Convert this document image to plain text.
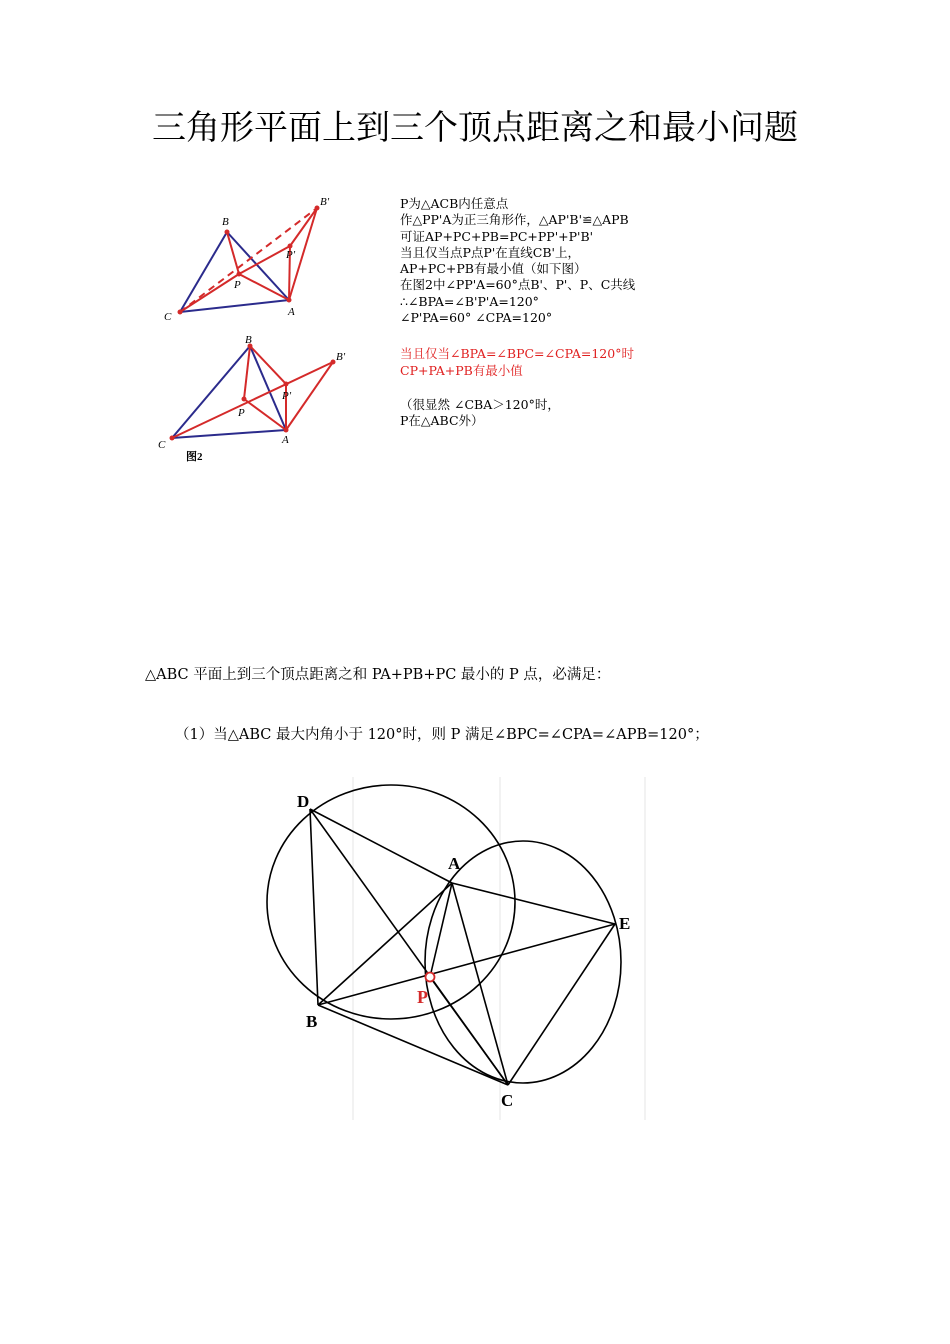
三角形平面上到三个顶点距离之和最小问题
B
B'
P'
P
C	A
B
B'
P'
P
C	A
图2
P为△ACB内任意点
作△PP'A为正三角形作，△AP'B'≌△APB
可证AP+PC+PB=PC+PP'+P'B'
当且仅当点P点P'在直线CB'上，
AP+PC+PB有最小值（如下图）
在图2中∠PP'A=60°点B'、P'、P、C共线
∴∠BPA=∠B'P'A=120°
∠P'PA=60° ∠CPA=120°
当且仅当∠BPA=∠BPC=∠CPA=120°时
CP+PA+PB有最小值
（很显然 ∠CBA＞120°时，
P在△ABC外）
△ABC 平面上到三个顶点距离之和 PA+PB+PC 最小的 P 点，必满足：
（1）当△ABC 最大内角小于 120°时，则 P 满足∠BPC=∠CPA=∠APB=120°；
D
A
E
B
C
P
